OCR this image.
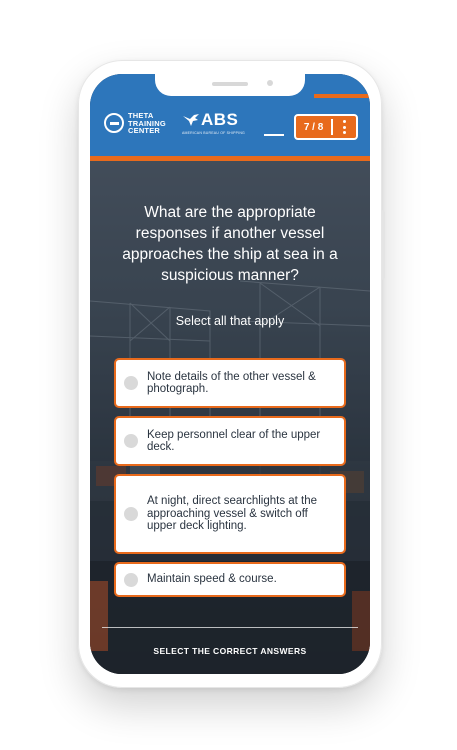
THETA
TRAINING
CENTER
ABS
AMERICAN BUREAU OF SHIPPING
7 / 8
What are the appropriate responses if another vessel approaches the ship at sea in a suspicious manner?
Select all that apply
Note details of the other vessel & photograph.
Keep personnel clear of the upper deck.
At night, direct searchlights at the approaching vessel & switch off upper deck lighting.
Maintain speed & course.
SELECT THE CORRECT ANSWERS
